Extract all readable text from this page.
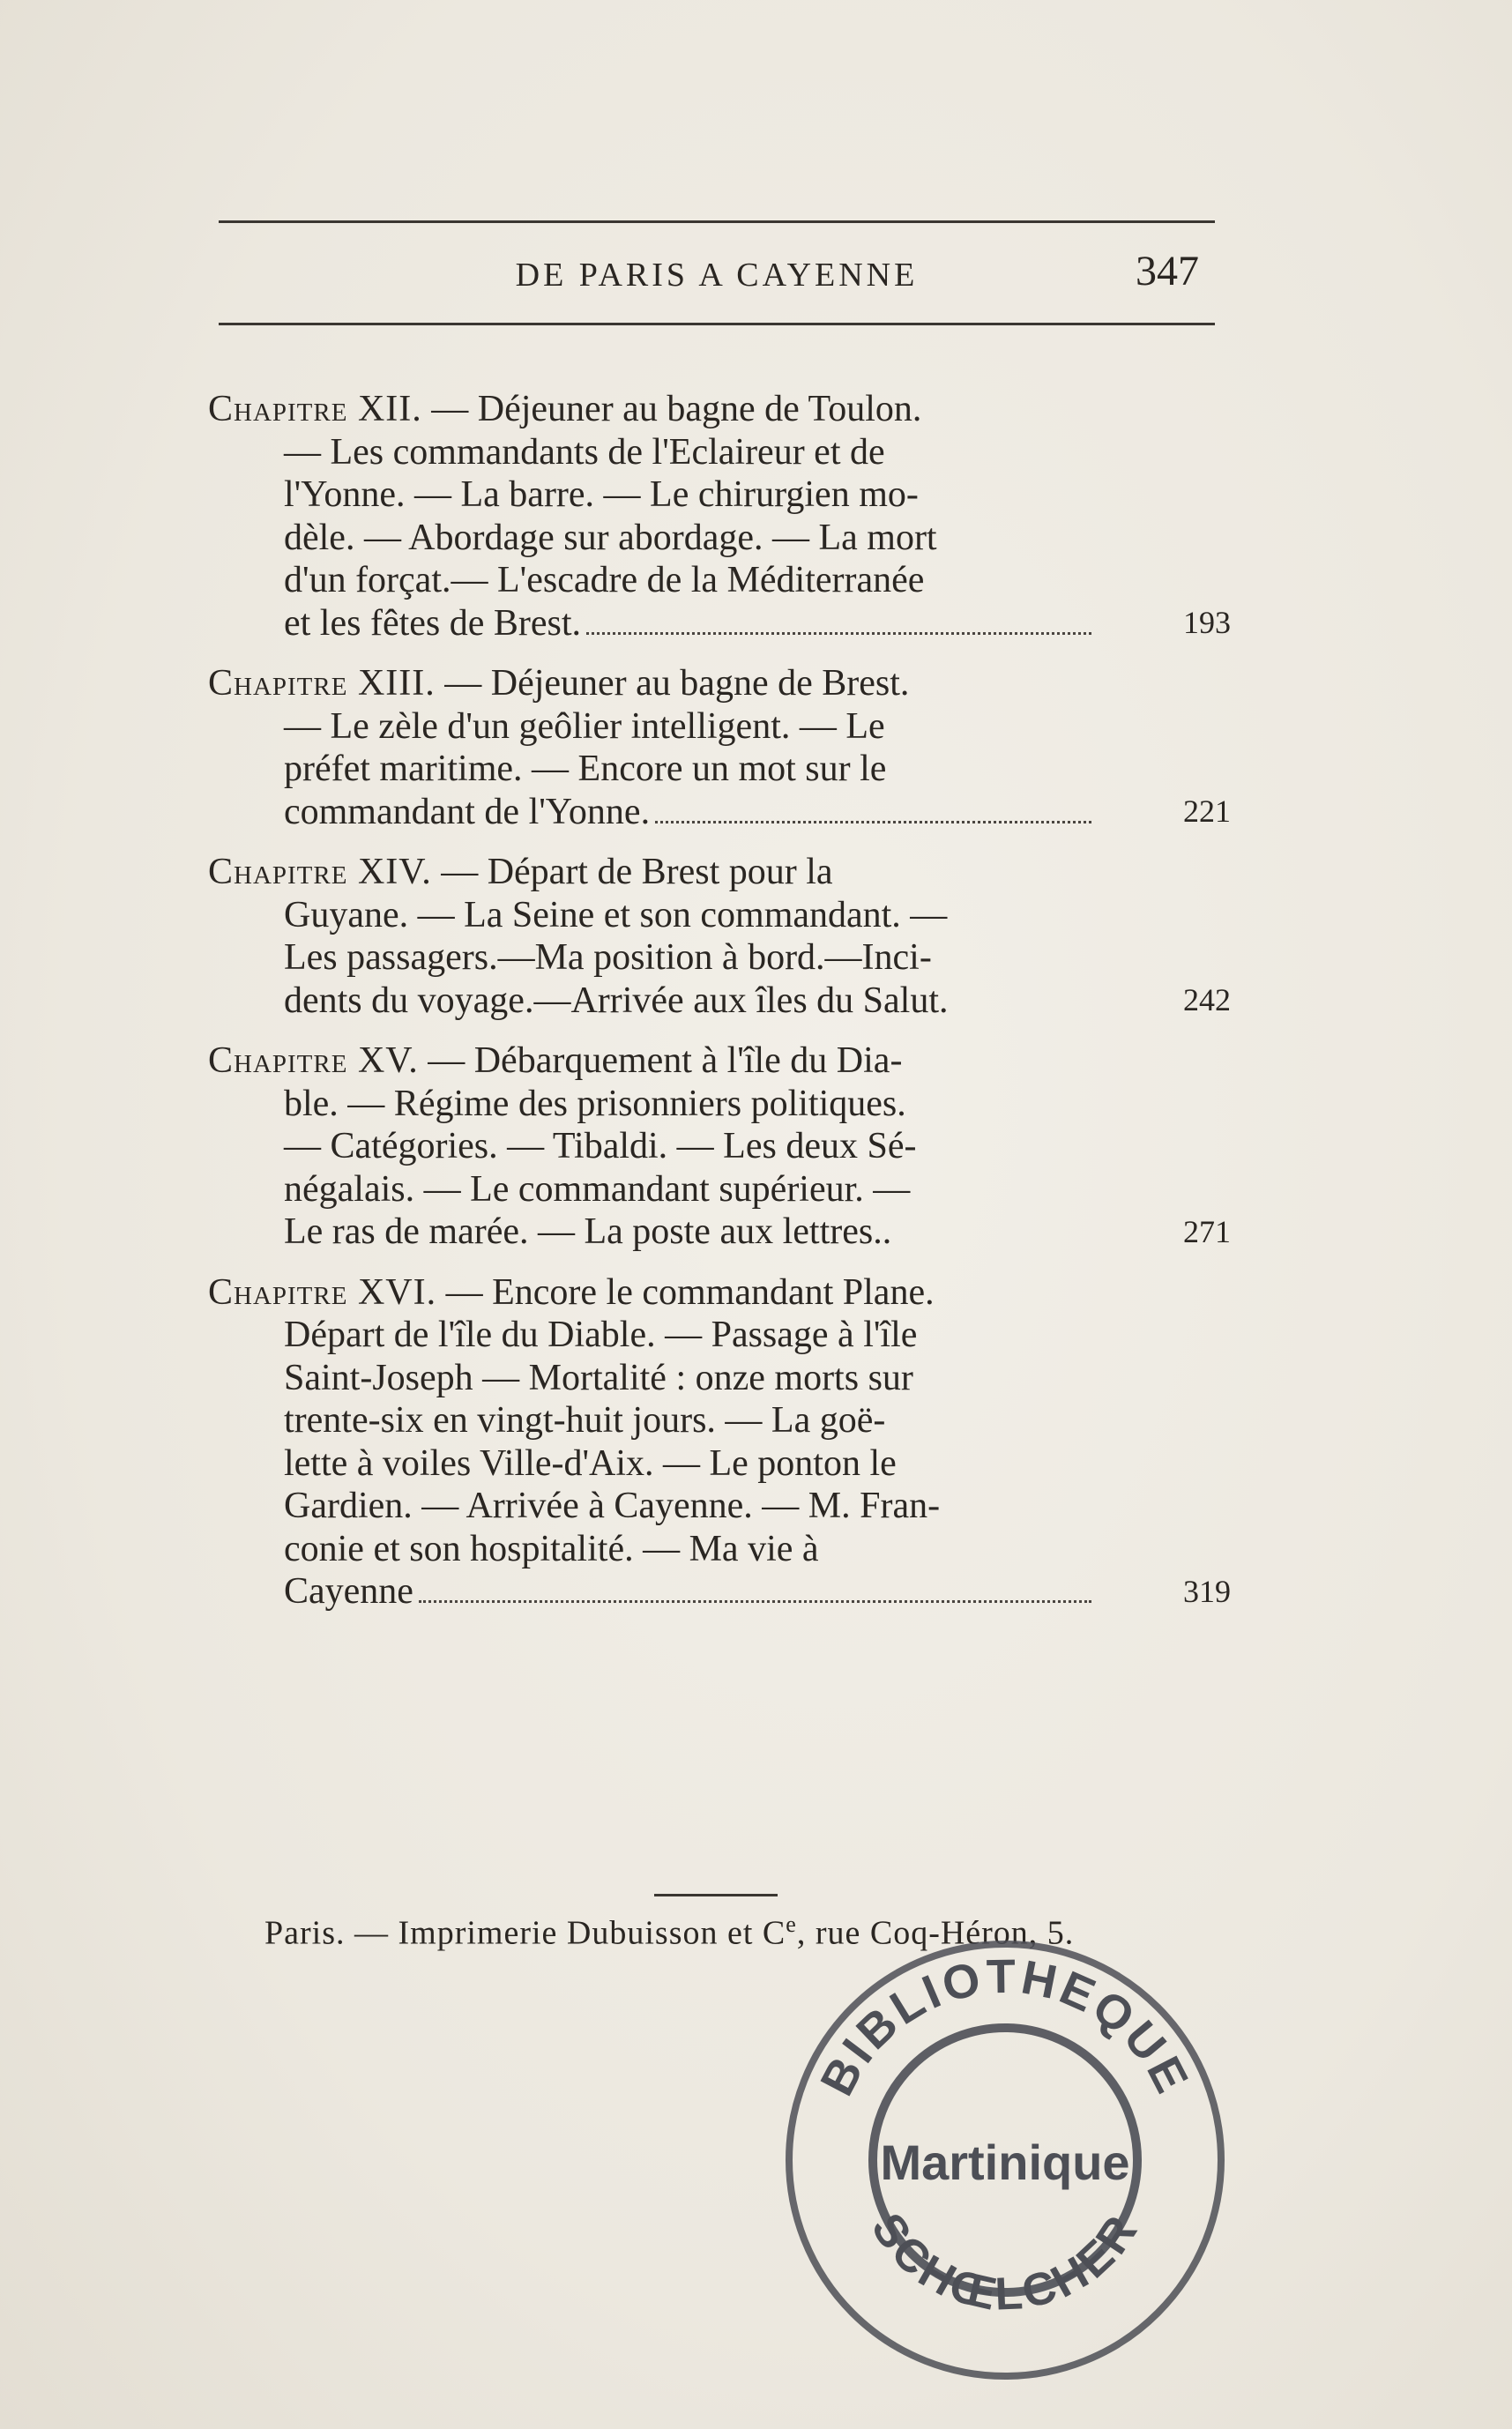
DE PARIS A CAYENNE	347
Chapitre XII. — Déjeuner au bagne de Toulon.
— Les commandants de l'Eclaireur et de
l'Yonne. — La barre. — Le chirurgien mo-
dèle. — Abordage sur abordage. — La mort
d'un forçat.— L'escadre de la Méditerranée
et les fêtes de Brest.	193
Chapitre XIII. — Déjeuner au bagne de Brest.
— Le zèle d'un geôlier intelligent. — Le
préfet maritime. — Encore un mot sur le
commandant de l'Yonne.	221
Chapitre XIV. — Départ de Brest pour la
Guyane. — La Seine et son commandant. —
Les passagers.—Ma position à bord.—Inci-
dents du voyage.—Arrivée aux îles du Salut.	242
Chapitre XV. — Débarquement à l'île du Dia-
ble. — Régime des prisonniers politiques.
— Catégories. — Tibaldi. — Les deux Sé-
négalais. — Le commandant supérieur. —
Le ras de marée. — La poste aux lettres..	271
Chapitre XVI. — Encore le commandant Plane.
Départ de l'île du Diable. — Passage à l'île
Saint-Joseph — Mortalité : onze morts sur
trente-six en vingt-huit jours. — La goë-
lette à voiles Ville-d'Aix. — Le ponton le
Gardien. — Arrivée à Cayenne. — M. Fran-
conie et son hospitalité. — Ma vie à
Cayenne	319
Paris. — Imprimerie Dubuisson et Ce, rue Coq-Héron, 5.
BIBLIOTHEQUE
Martinique
SCHŒLCHER
